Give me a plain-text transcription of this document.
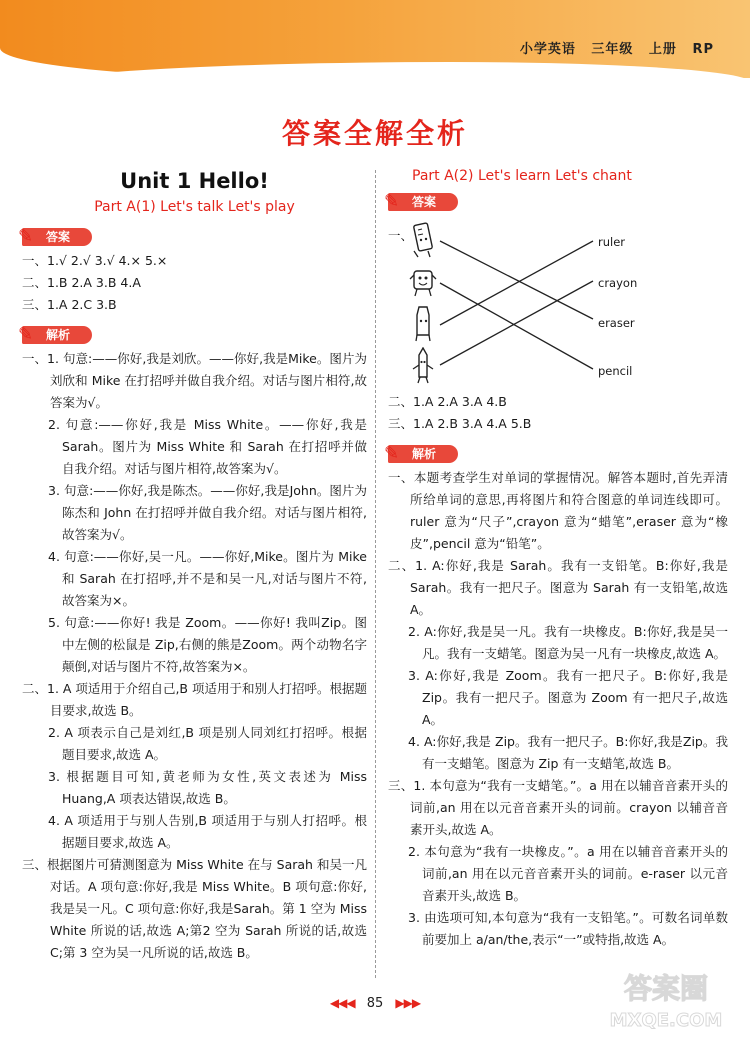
小学英语 三年级 上册 RP
答案全解全析
Unit 1 Hello!
Part A(1) Let's talk Let's play
✎	答案
一、1.√ 2.√ 3.√ 4.× 5.×
二、1.B 2.A 3.B 4.A
三、1.A 2.C 3.B
✎	解析
一、1. 句意:——你好,我是刘欣。——你好,我是Mike。图片为刘欣和 Mike 在打招呼并做自我介绍。对话与图片相符,故答案为√。
2. 句意:——你好,我是 Miss White。——你好,我是 Sarah。图片为 Miss White 和 Sarah 在打招呼并做自我介绍。对话与图片相符,故答案为√。
3. 句意:——你好,我是陈杰。——你好,我是John。图片为陈杰和 John 在打招呼并做自我介绍。对话与图片相符,故答案为√。
4. 句意:——你好,吴一凡。——你好,Mike。图片为 Mike 和 Sarah 在打招呼,并不是和吴一凡,对话与图片不符,故答案为×。
5. 句意:——你好! 我是 Zoom。——你好! 我叫Zip。图中左侧的松鼠是 Zip,右侧的熊是Zoom。两个动物名字颠倒,对话与图片不符,故答案为×。
二、1. A 项适用于介绍自己,B 项适用于和别人打招呼。根据题目要求,故选 B。
2. A 项表示自己是刘红,B 项是别人同刘红打招呼。根据题目要求,故选 A。
3. 根据题目可知,黄老师为女性,英文表述为 Miss Huang,A 项表达错误,故选 B。
4. A 项适用于与别人告别,B 项适用于与别人打招呼。根据题目要求,故选 A。
三、根据图片可猜测图意为 Miss White 在与 Sarah 和吴一凡对话。A 项句意:你好,我是 Miss White。B 项句意:你好,我是吴一凡。C 项句意:你好,我是Sarah。第 1 空为 Miss White 所说的话,故选 A;第2 空为 Sarah 所说的话,故选 C;第 3 空为吴一凡所说的话,故选 B。
Part A(2) Let's learn Let's chant
✎	答案
一、	ruler
crayon
eraser
pencil
二、1.A 2.A 3.A 4.B
三、1.A 2.B 3.A 4.A 5.B
✎	解析
一、本题考查学生对单词的掌握情况。解答本题时,首先弄清所给单词的意思,再将图片和符合图意的单词连线即可。ruler 意为“尺子”,crayon 意为“蜡笔”,eraser 意为“橡皮”,pencil 意为“铅笔”。
二、1. A:你好,我是 Sarah。我有一支铅笔。B:你好,我是 Sarah。我有一把尺子。图意为 Sarah 有一支铅笔,故选 A。
2. A:你好,我是吴一凡。我有一块橡皮。B:你好,我是吴一凡。我有一支蜡笔。图意为吴一凡有一块橡皮,故选 A。
3. A:你好,我是 Zoom。我有一把尺子。B:你好,我是 Zip。我有一把尺子。图意为 Zoom 有一把尺子,故选 A。
4. A:你好,我是 Zip。我有一把尺子。B:你好,我是Zip。我有一支蜡笔。图意为 Zip 有一支蜡笔,故选 B。
三、1. 本句意为“我有一支蜡笔。”。a 用在以辅音音素开头的词前,an 用在以元音音素开头的词前。crayon 以辅音音素开头,故选 A。
2. 本句意为“我有一块橡皮。”。a 用在以辅音音素开头的词前,an 用在以元音音素开头的词前。e-raser 以元音音素开头,故选 B。
3. 由选项可知,本句意为“我有一支铅笔。”。可数名词单数前要加上 a/an/the,表示“一”或特指,故选 A。
◀◀◀ 85 ▶▶▶	答案圈
MXQE.COM
